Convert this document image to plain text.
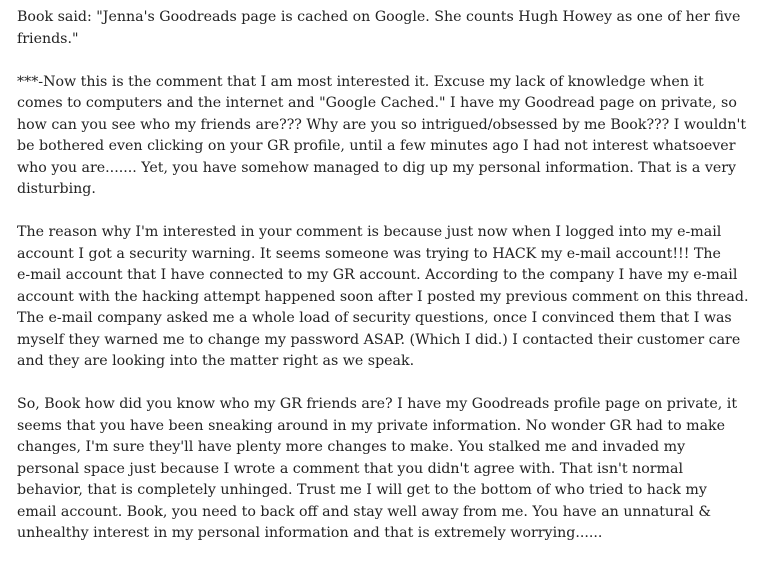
Book said: "Jenna's Goodreads page is cached on Google. She counts Hugh Howey as one of her five
friends."

***-Now this is the comment that I am most interested it. Excuse my lack of knowledge when it
comes to computers and the internet and "Google Cached." I have my Goodread page on private, so
how can you see who my friends are??? Why are you so intrigued/obsessed by me Book??? I wouldn't
be bothered even clicking on your GR profile, until a few minutes ago I had not interest whatsoever
who you are....... Yet, you have somehow managed to dig up my personal information. That is a very
disturbing.

The reason why I'm interested in your comment is because just now when I logged into my e-mail
account I got a security warning. It seems someone was trying to HACK my e-mail account!!! The
e-mail account that I have connected to my GR account. According to the company I have my e-mail
account with the hacking attempt happened soon after I posted my previous comment on this thread.
The e-mail company asked me a whole load of security questions, once I convinced them that I was
myself they warned me to change my password ASAP. (Which I did.) I contacted their customer care
and they are looking into the matter right as we speak.

So, Book how did you know who my GR friends are? I have my Goodreads profile page on private, it
seems that you have been sneaking around in my private information. No wonder GR had to make
changes, I'm sure they'll have plenty more changes to make. You stalked me and invaded my
personal space just because I wrote a comment that you didn't agree with. That isn't normal
behavior, that is completely unhinged. Trust me I will get to the bottom of who tried to hack my
email account. Book, you need to back off and stay well away from me. You have an unnatural &
unhealthy interest in my personal information and that is extremely worrying......
